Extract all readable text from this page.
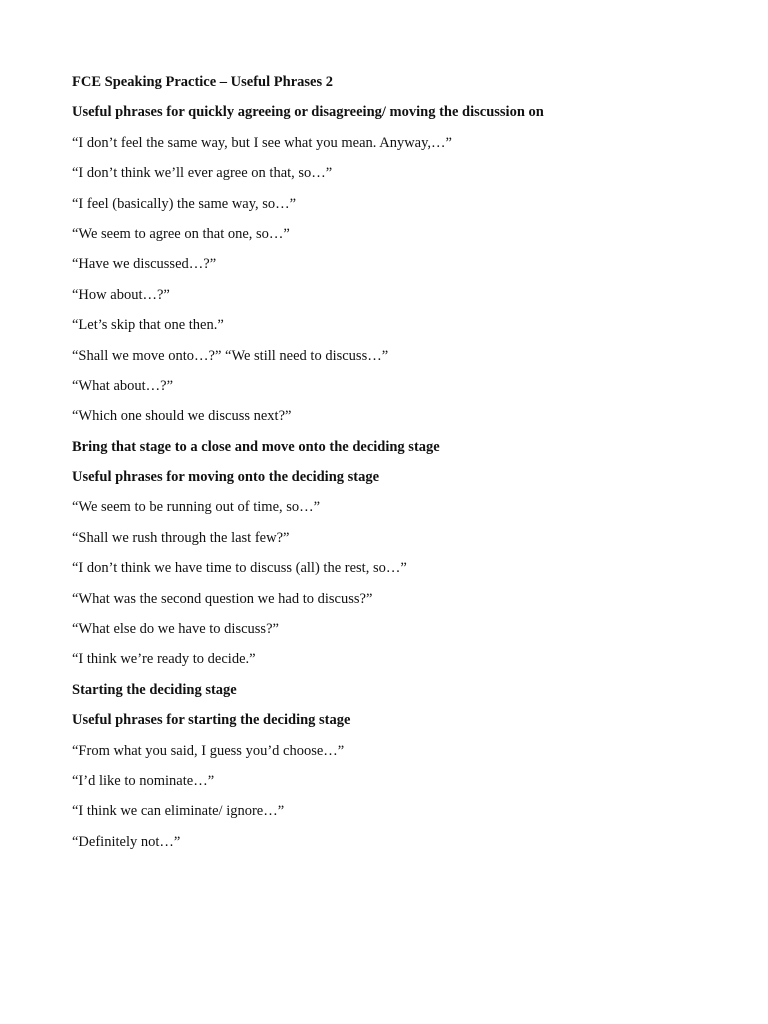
FCE Speaking Practice – Useful Phrases 2
Useful phrases for quickly agreeing or disagreeing/ moving the discussion on
“I don’t feel the same way, but I see what you mean. Anyway,…”
“I don’t think we’ll ever agree on that, so…”
“I feel (basically) the same way, so…”
“We seem to agree on that one, so…”
“Have we discussed…?”
“How about…?”
“Let’s skip that one then.”
“Shall we move onto…?” “We still need to discuss…”
“What about…?”
“Which one should we discuss next?”
Bring that stage to a close and move onto the deciding stage
Useful phrases for moving onto the deciding stage
“We seem to be running out of time, so…”
“Shall we rush through the last few?”
“I don’t think we have time to discuss (all) the rest, so…”
“What was the second question we had to discuss?”
“What else do we have to discuss?”
“I think we’re ready to decide.”
Starting the deciding stage
Useful phrases for starting the deciding stage
“From what you said, I guess you’d choose…”
“I’d like to nominate…”
“I think we can eliminate/ ignore…”
“Definitely not…”
